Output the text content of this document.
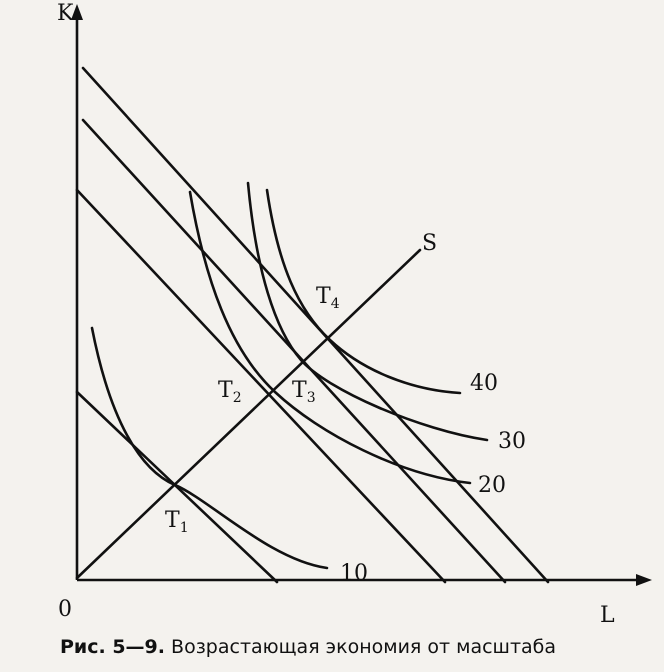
K
L
0
S
$T_1$
$T_2$ $T_3$
$T_4$
10
20
30
40
Рис. 5—9. Возрастающая экономия от масштаба
